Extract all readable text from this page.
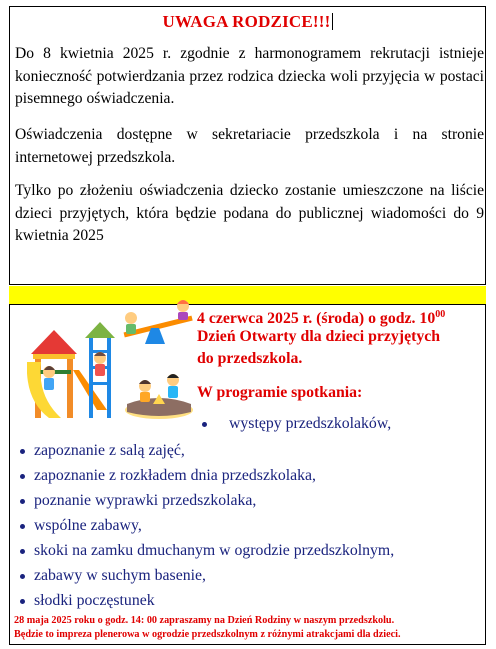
UWAGA RODZICE!!!

Do 8 kwietnia 2025 r. zgodnie z harmonogramem rekrutacji istnieje konieczność potwierdzania przez rodzica dziecka woli przyjęcia w postaci pisemnego oświadczenia.

Oświadczenia dostępne w sekretariacie przedszkola i na stronie internetowej przedszkola.

Tylko po złożeniu oświadczenia dziecko zostanie umieszczone na liście dzieci przyjętych, która będzie podana do publicznej wiadomości do 9 kwietnia 2025

4 czerwca 2025 r. (środa) o godz. $10^{00}$

Dzień Otwarty dla dzieci przyjętych

do przedszkola.

W programie spotkania:

występy przedszkolaków,
zapoznanie z salą zajęć,
zapoznanie z rozkładem dnia przedszkolaka,
poznanie wyprawki przedszkolaka,
wspólne zabawy,
skoki na zamku dmuchanym w ogrodzie przedszkolnym,
zabawy w suchym basenie,
słodki poczęstunek

28 maja 2025 roku o godz. 14: 00 zapraszamy na Dzień Rodziny w naszym przedszkolu.

Będzie to impreza plenerowa w ogrodzie przedszkolnym z różnymi atrakcjami dla dzieci.
